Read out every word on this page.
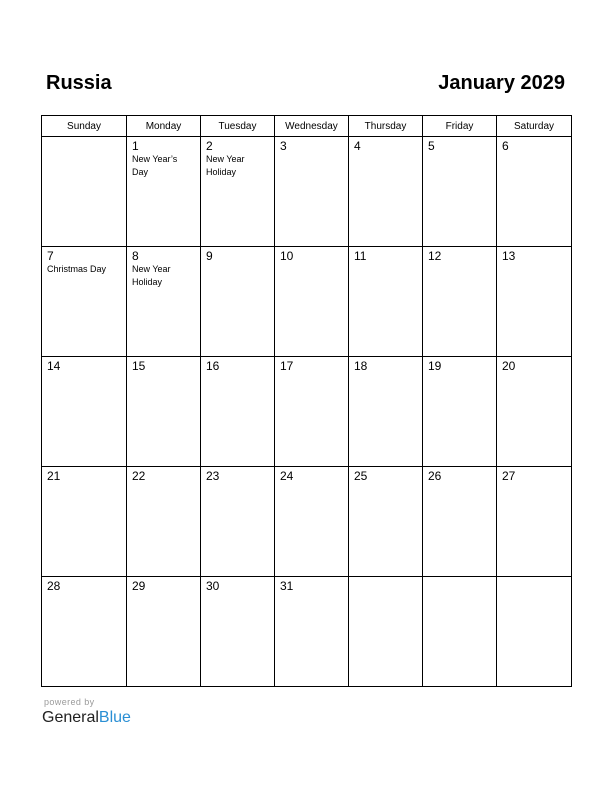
Russia	January 2029
Sunday	Monday	Tuesday	Wednesday	Thursday	Friday	Saturday

	1
New Year’s
Day	2
New Year
Holiday	3	4	5	6

7
Christmas Day	8
New Year
Holiday	9	10	11	12	13

14	15	16	17	18	19	20

21	22	23	24	25	26	27

28	29	30	31			

powered by
GeneralBlue
